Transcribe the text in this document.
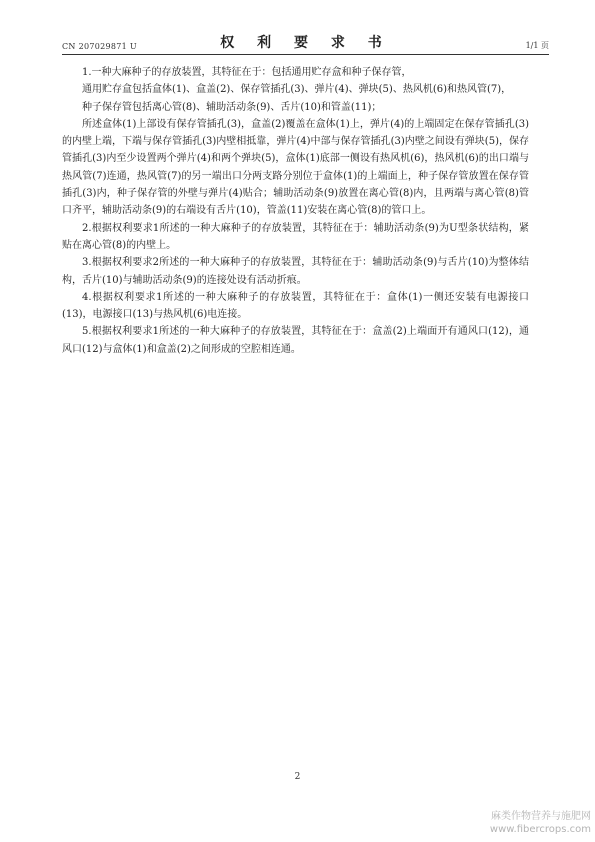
CN 207029871 U	权 利 要 求 书	1/1 页

1.一种大麻种子的存放装置，其特征在于：包括通用贮存盒和种子保存管，

通用贮存盒包括盒体(1)、盒盖(2)、保存管插孔(3)、弹片(4)、弹块(5)、热风机(6)和热风管(7)，

种子保存管包括离心管(8)、辅助活动条(9)、舌片(10)和管盖(11)；

所述盒体(1)上部设有保存管插孔(3)，盒盖(2)覆盖在盒体(1)上，弹片(4)的上端固定在保存管插孔(3)的内壁上端，下端与保存管插孔(3)内壁相抵靠，弹片(4)中部与保存管插孔(3)内壁之间设有弹块(5)，保存管插孔(3)内至少设置两个弹片(4)和两个弹块(5)，盒体(1)底部一侧设有热风机(6)，热风机(6)的出口端与热风管(7)连通，热风管(7)的另一端出口分两支路分别位于盒体(1)的上端面上，种子保存管放置在保存管插孔(3)内，种子保存管的外壁与弹片(4)贴合；辅助活动条(9)放置在离心管(8)内，且两端与离心管(8)管口齐平，辅助活动条(9)的右端设有舌片(10)，管盖(11)安装在离心管(8)的管口上。

2.根据权利要求1所述的一种大麻种子的存放装置，其特征在于：辅助活动条(9)为U型条状结构，紧贴在离心管(8)的内壁上。

3.根据权利要求2所述的一种大麻种子的存放装置，其特征在于：辅助活动条(9)与舌片(10)为整体结构，舌片(10)与辅助活动条(9)的连接处设有活动折痕。

4.根据权利要求1所述的一种大麻种子的存放装置，其特征在于：盒体(1)一侧还安装有电源接口(13)，电源接口(13)与热风机(6)电连接。

5.根据权利要求1所述的一种大麻种子的存放装置，其特征在于：盒盖(2)上端面开有通风口(12)，通风口(12)与盒体(1)和盒盖(2)之间形成的空腔相连通。

2
麻类作物营养与施肥网
www.fibercrops.com
